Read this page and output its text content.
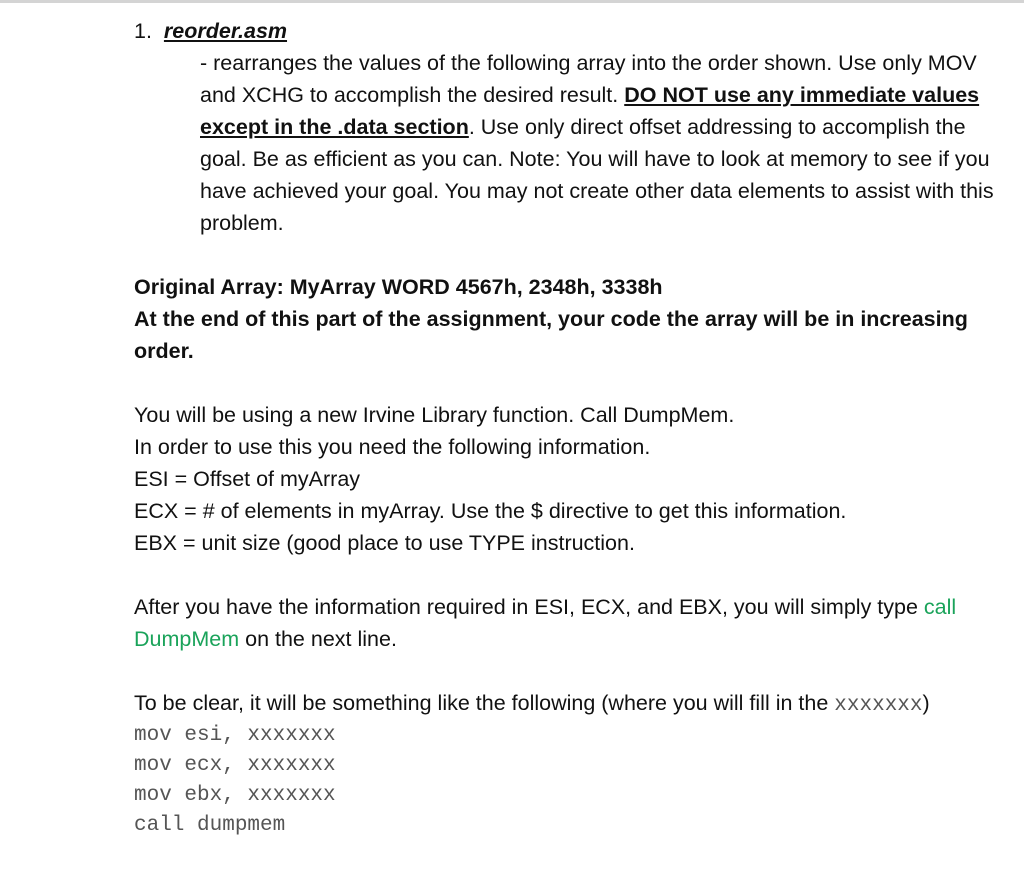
1. reorder.asm

- rearranges the values of the following array into the order shown. Use only MOV and XCHG to accomplish the desired result. DO NOT use any immediate values except in the .data section. Use only direct offset addressing to accomplish the goal. Be as efficient as you can. Note: You will have to look at memory to see if you have achieved your goal. You may not create other data elements to assist with this problem.

Original Array: MyArray WORD 4567h, 2348h, 3338h

At the end of this part of the assignment, your code the array will be in increasing order.

You will be using a new Irvine Library function. Call DumpMem.

In order to use this you need the following information.

ESI = Offset of myArray

ECX = # of elements in myArray. Use the $ directive to get this information.

EBX = unit size (good place to use TYPE instruction.

After you have the information required in ESI, ECX, and EBX, you will simply type call DumpMem on the next line.

To be clear, it will be something like the following (where you will fill in the xxxxxxx)

mov esi, xxxxxxx
mov ecx, xxxxxxx
mov ebx, xxxxxxx
call dumpmem
